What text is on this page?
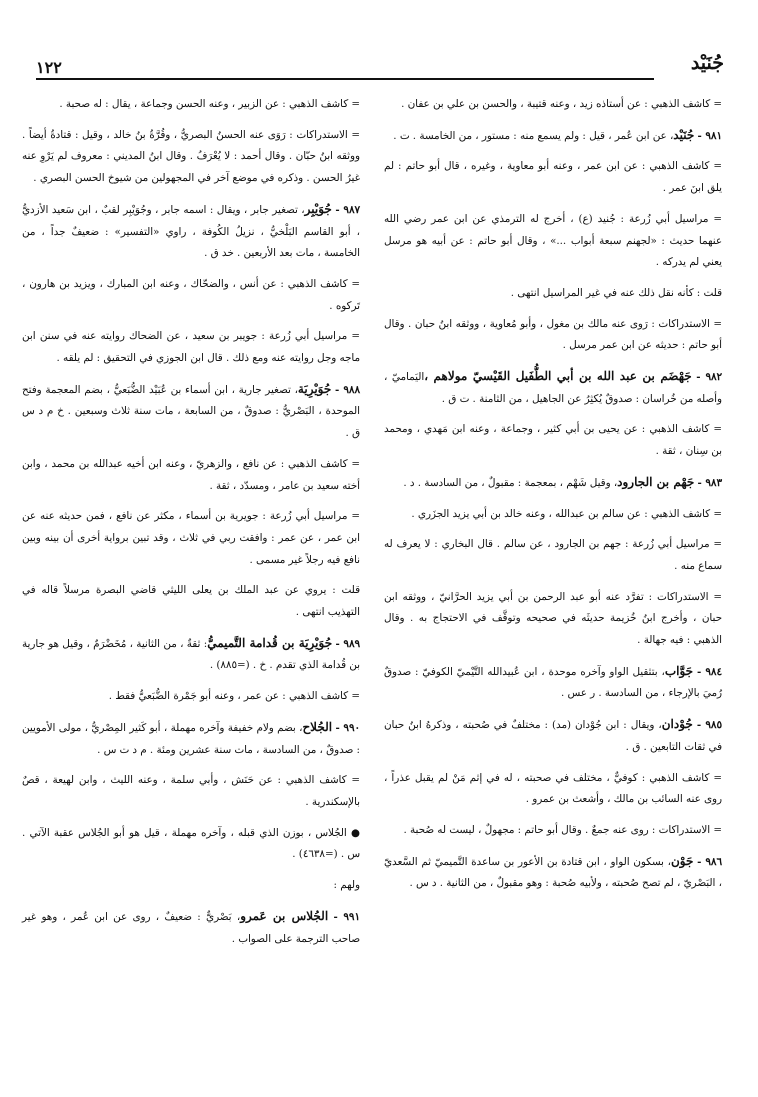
١٢٢	جُنَيْد

= كاشف الذهبي : عن أستاذه زيد ، وعنه قتيبة ، والحسن بن علي بن عفان .

٩٨١ - جُنَيْد، عن ابن عُمر ، قيل : ولم يسمع منه : مستور ، من الخامسة . ت .

= كاشف الذهبي : عن ابن عمر ، وعنه أبو معاوية ، وغيره ، قال أبو حاتم : لم يلق ابنَ عمر .

= مراسيل أبي زُرعة : جُنيد (ع) ، أخرج له الترمذي عن ابن عمر رضي الله عنهما حديث : «لجهنم سبعة أبواب ...» ، وقال أبو حاتم : عن أبيه هو مرسل يعني لم يدركه .

قلت : كأنه نقل ذلك عنه في غير المراسيل انتهى .

= الاستدراكات : رَوى عنه مالك بن مغول ، وأبو مُعاوية ، ووثقه ابنُ حبان . وقال أبو حاتم : حديثه عن ابن عمر مرسل .

٩٨٢ - جَهْضَم بن عبد الله بن أبي الطُّفَيل القَيْسيّ مولاهم ،اليَماميّ ، وأصله من خُراسان : صدوقٌ يُكثِرُ عن الجاهيل ، من الثامنة . ت ق .

= كاشف الذهبي : عن يحيى بن أبي كثير ، وجماعة ، وعنه ابن مَهدي ، ومحمد بن سِنان ، ثقة .

٩٨٣ - جَهْم بن الجارود، وقيل شَهْم ، بمعجمة : مقبولٌ ، من السادسة . د .

= كاشف الذهبي : عن سالم بن عبدالله ، وعنه خالد بن أبي يزيد الجزَري .

= مراسيل أبي زُرعة : جهم بن الجارود ، عن سالم . قال البخاري : لا يعرف له سماع منه .

= الاستدراكات : تفرَّد عنه أبو عبد الرحمن بن أبي يزيد الحرَّانيّ ، ووثقه ابن حبان ، وأخرج ابنُ خُزيمة حديثَه في صحيحه وتوقَّف في الاحتجاج به . وقال الذهبي : فيه جهالة .

٩٨٤ - جَوَّاب، بتثقيل الواو وآخره موحدة ، ابن عُبيدالله التَّيْميّ الكوفيّ : صدوقٌ رُميَ بالإرجاء ، من السادسة . ر عس .

٩٨٥ - جُوْدان، ويقال : ابن جُوْدان (مد) : مختلفٌ في صُحبته ، وذكرهُ ابنُ حبان في ثقات التابعين . ق .

= كاشف الذهبي : كوفيٌّ ، مختلف في صحبته ، له في إثم مَنْ لم يقبل عذراً ، روى عنه السائب بن مالك ، وأشعث بن عمرو .

= الاستدراكات : روى عنه جمعٌ . وقال أبو حاتم : مجهولٌ ، ليست له صُحبة .

٩٨٦ - جَوْن، بسكون الواو ، ابن قتادة بن الأعور بن ساعدة التَّميميّ ثم السَّعديّ ، البَصْريّ ، لم تصح صُحبته ، ولأبيه صُحبة : وهو مقبولٌ ، من الثانية . د س .

= كاشف الذهبي : عن الزبير ، وعنه الحسن وجماعة ، يقال : له صحبة .

= الاستدراكات : رَوَى عنه الحسنُ البصريُّ ، وقُرَّةُ بنُ خالد ، وقيل : قتادةُ أيضاً . ووثقه ابنُ حبّان . وقال أحمد : لا يُعْرَفُ . وقال ابنُ المديني : معروف لم يَرْوِ عنه غيرُ الحسن . وذكره في موضع آخر في المجهولين من شيوخ الحسن البصري .

٩٨٧ - جُوَيْبِر، تصغير جابر ، ويقال : اسمه جابر ، وجُوَيْبِر لقبٌ ، ابن سَعيد الأزديُّ ، أبو القاسم البَلْخيُّ ، نزيلُ الكُوفة ، راوي «التفسير» : ضعيفٌ جداً ، من الخامسة ، مات بعد الأربعين . خد ق .

= كاشف الذهبي : عن أنس ، والضحّاك ، وعنه ابن المبارك ، ويزيد بن هارون ، تَركوه .

= مراسيل أبي زُرعة : جويبر بن سعيد ، عن الضحاك روايته عنه في سنن ابن ماجه وجل روايته عنه ومع ذلك . قال ابن الجوزي في التحقيق : لم يلقه .

٩٨٨ - جُوَيْرِيَة، تصغير جارية ، ابن أسماء بن عُبَيْد الضُّبَعيُّ ، بضم المعجمة وفتح الموحدة ، البَصْريُّ : صدوقٌ ، من السابعة ، مات سنة ثلاث وسبعين . خ م د س ق .

= كاشف الذهبي : عن نافع ، والزهريّ ، وعنه ابن أخيه عبدالله بن محمد ، وابن أخته سعيد بن عامر ، ومسدّد ، ثقة .

= مراسيل أبي زُرعة : جويرية بن أسماء ، مكثر عن نافع ، فمن حديثه عنه عن ابن عمر ، عن عمر : وافقت ربي في ثلاث ، وقد تبين برواية أخرى أن بينه وبين نافع فيه رجلاً غير مسمى .

قلت : يروي عن عبد الملك بن يعلى الليثي قاضي البصرة مرسلاً قاله في التهذيب انتهى .

٩٨٩ - جُوَيْرِيَة بن قُدامة التَّميميُّ: ثقةٌ ، من الثانية ، مُخَضْرَمٌ ، وقيل هو جارية بن قُدامة الذي تقدم . خ . (=٨٨٥) .

= كاشف الذهبي : عن عمر ، وعنه أبو جَمْرة الضُّبَعيُّ فقط .

٩٩٠ - الجُلاح، بضم ولام خفيفة وآخره مهملة ، أبو كَثير المِصْريُّ ، مولى الأمويين : صدوقٌ ، من السادسة ، مات سنة عشرين ومئة . م د ت س .

= كاشف الذهبي : عن حَنَش ، وأبي سلمة ، وعنه الليث ، وابن لهيعة ، قصٌ بالإسكندرية .

● الجُلاس ، بوزن الذي قبله ، وآخره مهملة ، قيل هو أبو الجُلاس عقبة الآتي . س . (=٤٦٣٨) .

ولهم :

٩٩١ - الجُلاس بن عَمرو، بَصْريٌّ : ضعيفٌ ، روى عن ابن عُمر ، وهو غير صاحب الترجمة على الصواب .
